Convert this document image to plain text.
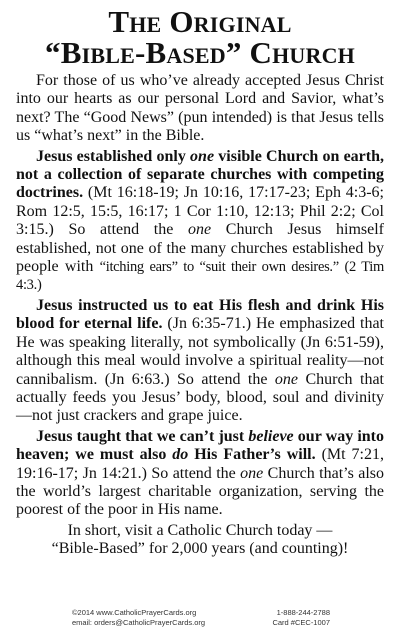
The Original
“Bible-Based” Church

For those of us who’ve already accepted Jesus Christ into our hearts as our personal Lord and Savior, what’s next? The “Good News” (pun intended) is that Jesus tells us “what’s next” in the Bible.

Jesus established only one visible Church on earth, not a collection of separate churches with competing doctrines. (Mt 16:18-19; Jn 10:16, 17:17-23; Eph 4:3-6; Rom 12:5, 15:5, 16:17; 1 Cor 1:10, 12:13; Phil 2:2; Col 3:15.) So attend the one Church Jesus himself established, not one of the many churches established by people with “itching ears” to “suit their own desires.” (2 Tim 4:3.)

Jesus instructed us to eat His flesh and drink His blood for eternal life. (Jn 6:35-71.) He emphasized that He was speaking literally, not symbolically (Jn 6:51-59), although this meal would involve a spiritual reality—not cannibalism. (Jn 6:63.) So attend the one Church that actually feeds you Jesus’ body, blood, soul and divinity—not just crackers and grape juice.

Jesus taught that we can’t just believe our way into heaven; we must also do His Father’s will. (Mt 7:21, 19:16-17; Jn 14:21.) So attend the one Church that’s also the world’s largest charitable organization, serving the poorest of the poor in His name.

In short, visit a Catholic Church today —
“Bible-Based” for 2,000 years (and counting)!

©2014 www.CatholicPrayerCards.org	1-888-244-2788
email: orders@CatholicPrayerCards.org	Card #CEC-1007
